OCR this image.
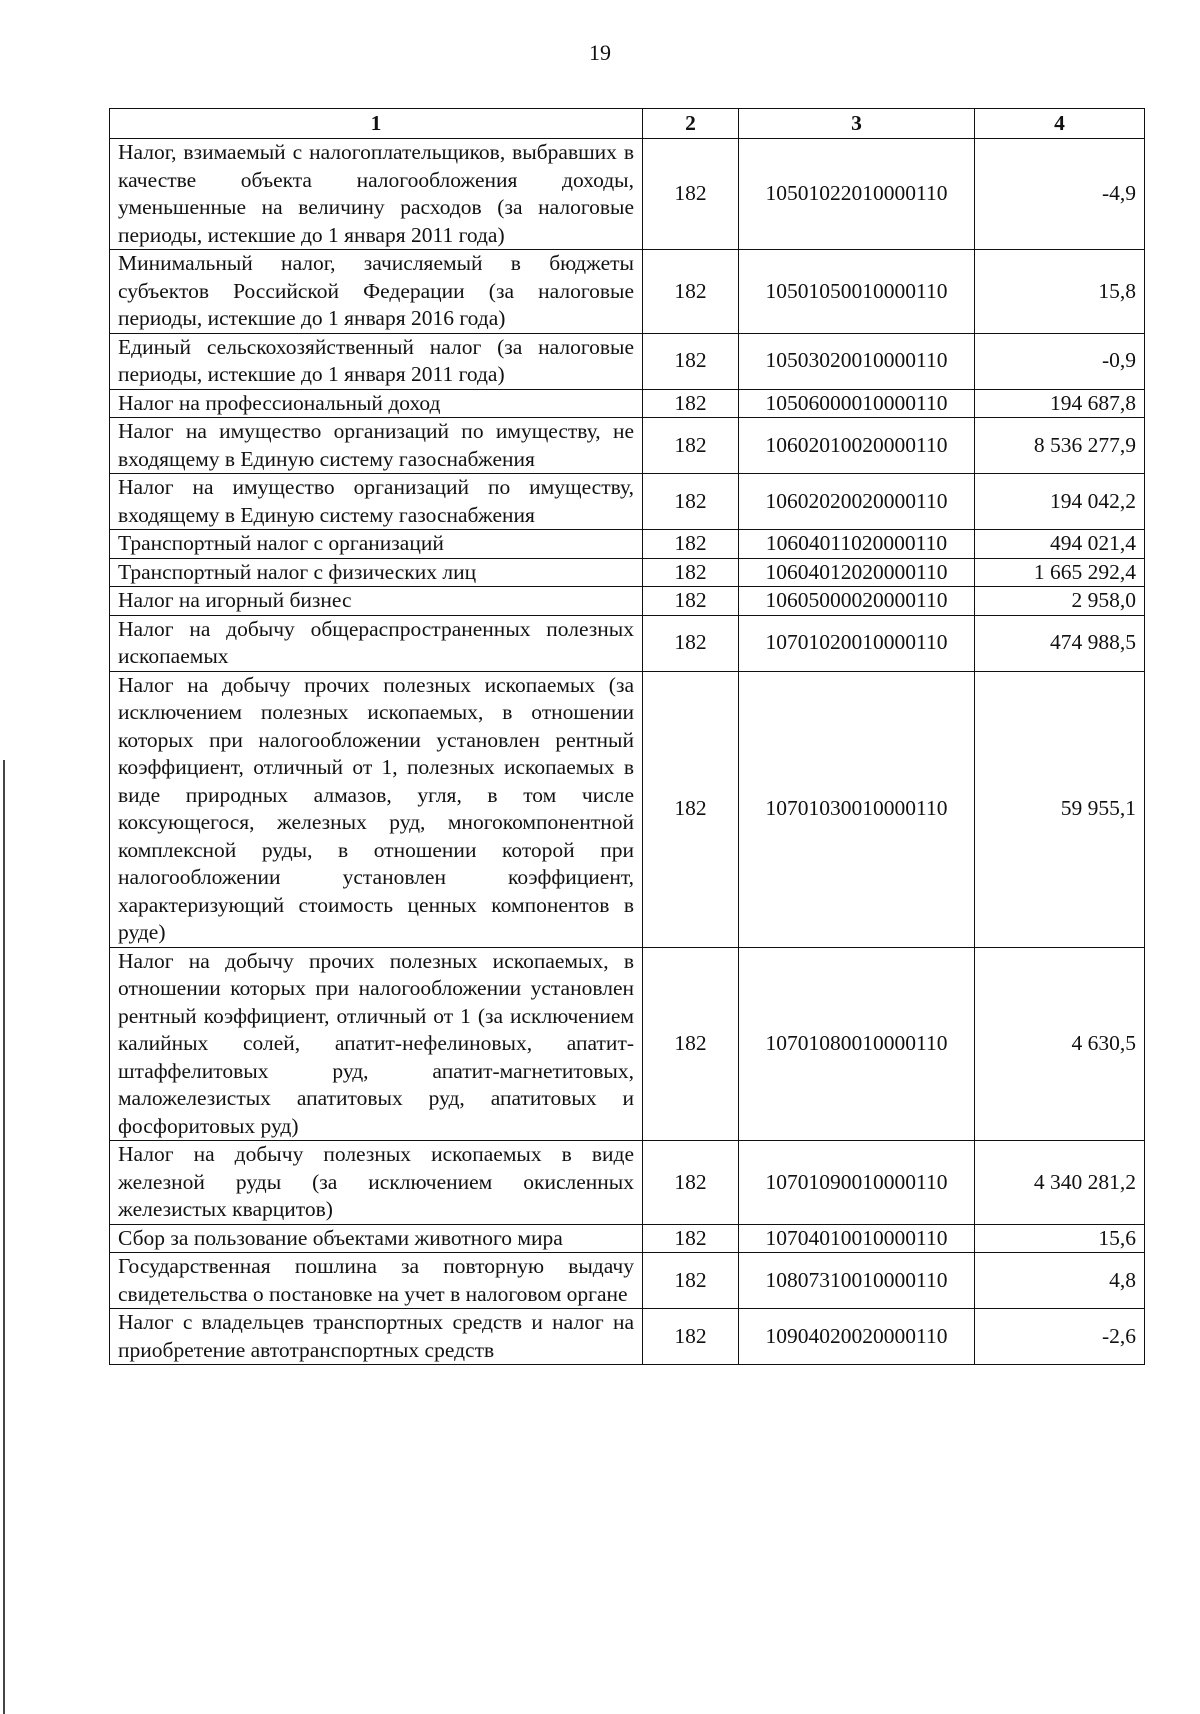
19
1	2	3	4
Налог, взимаемый с налогоплательщиков, выбравших в качестве объекта налогообложения доходы, уменьшенные на величину расходов (за налоговые периоды, истекшие до 1 января 2011 года)	182	10501022010000110	-4,9
Минимальный налог, зачисляемый в бюджеты субъектов Российской Федерации (за налоговые периоды, истекшие до 1 января 2016 года)	182	10501050010000110	15,8
Единый сельскохозяйственный налог (за налоговые периоды, истекшие до 1 января 2011 года)	182	10503020010000110	-0,9
Налог на профессиональный доход	182	10506000010000110	194 687,8
Налог на имущество организаций по имуществу, не входящему в Единую систему газоснабжения	182	10602010020000110	8 536 277,9
Налог на имущество организаций по имуществу, входящему в Единую систему газоснабжения	182	10602020020000110	194 042,2
Транспортный налог с организаций	182	10604011020000110	494 021,4
Транспортный налог с физических лиц	182	10604012020000110	1 665 292,4
Налог на игорный бизнес	182	10605000020000110	2 958,0
Налог на добычу общераспространенных полезных ископаемых	182	10701020010000110	474 988,5
Налог на добычу прочих полезных ископаемых (за исключением полезных ископаемых, в отношении которых при налогообложении установлен рентный коэффициент, отличный от 1, полезных ископаемых в виде природных алмазов, угля, в том числе коксующегося, железных руд, многокомпонентной комплексной руды, в отношении которой при налогообложении установлен коэффициент, характеризующий стоимость ценных компонентов в руде)	182	10701030010000110	59 955,1
Налог на добычу прочих полезных ископаемых, в отношении которых при налогообложении установлен рентный коэффициент, отличный от 1 (за исключением калийных солей, апатит-нефелиновых, апатит-штаффелитовых руд, апатит-магнетитовых, маложелезистых апатитовых руд, апатитовых и фосфоритовых руд)	182	10701080010000110	4 630,5
Налог на добычу полезных ископаемых в виде железной руды (за исключением окисленных железистых кварцитов)	182	10701090010000110	4 340 281,2
Сбор за пользование объектами животного мира	182	10704010010000110	15,6
Государственная пошлина за повторную выдачу свидетельства о постановке на учет в налоговом органе	182	10807310010000110	4,8
Налог с владельцев транспортных средств и налог на приобретение автотранспортных средств	182	10904020020000110	-2,6
